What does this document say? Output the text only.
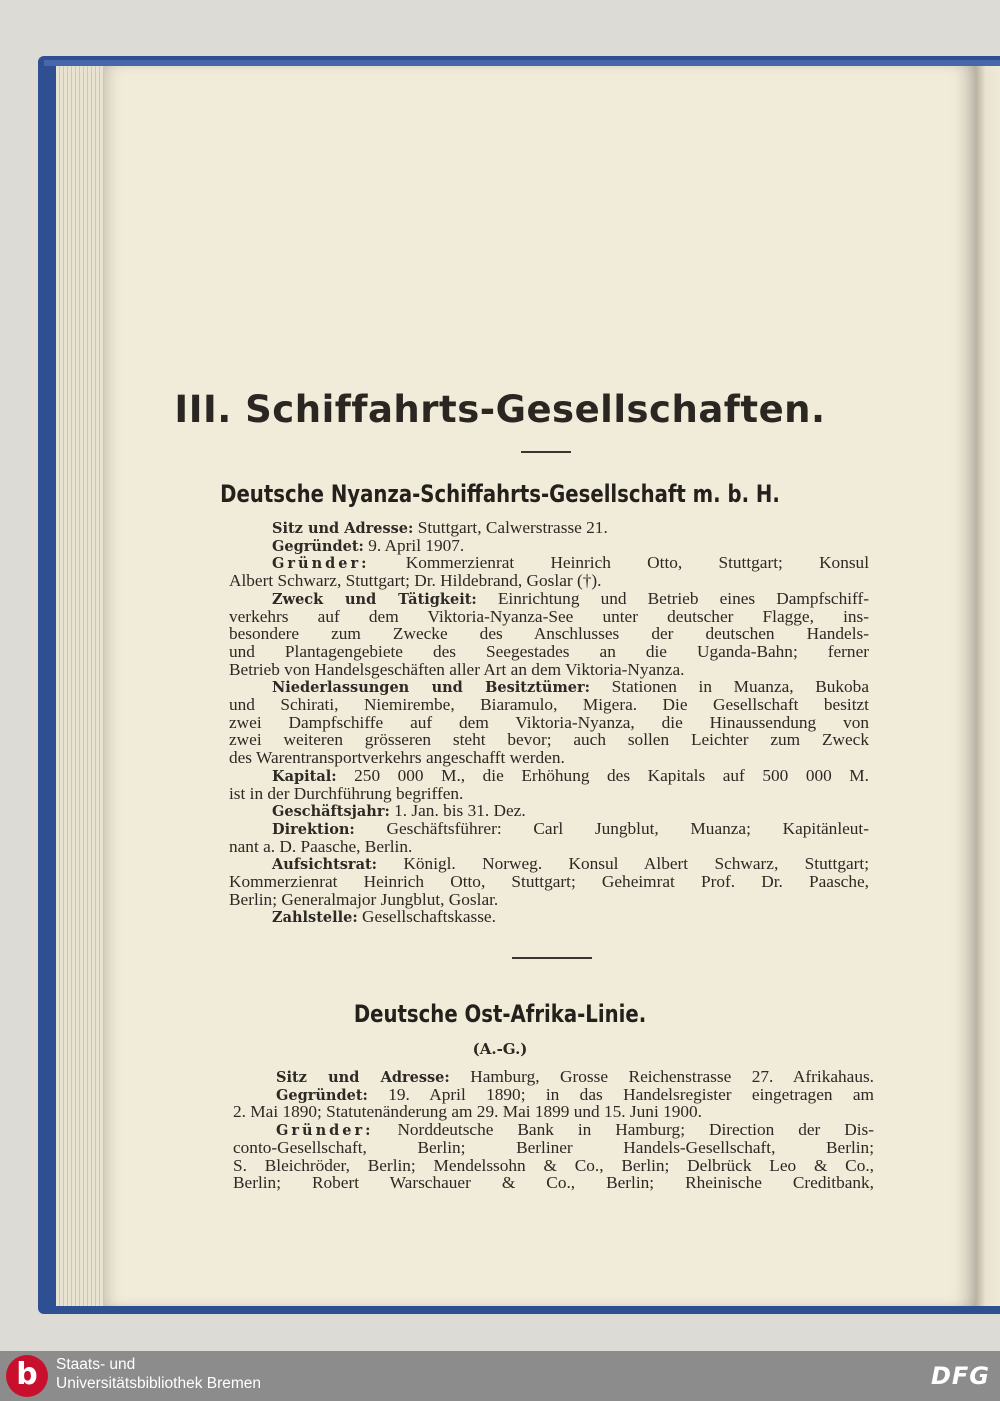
III. Schiffahrts-Gesellschaften.
Deutsche Nyanza-Schiffahrts-Gesellschaft m. b. H.
Sitz und Adresse: Stuttgart, Calwerstrasse 21.
Gegründet: 9. April 1907.
Gründer: Kommerzienrat Heinrich Otto, Stuttgart; Konsul
Albert Schwarz, Stuttgart; Dr. Hildebrand, Goslar (†).
Zweck und Tätigkeit: Einrichtung und Betrieb eines Dampfschiff-
verkehrs auf dem Viktoria-Nyanza-See unter deutscher Flagge, ins-
besondere zum Zwecke des Anschlusses der deutschen Handels-
und Plantagengebiete des Seegestades an die Uganda-Bahn; ferner
Betrieb von Handelsgeschäften aller Art an dem Viktoria-Nyanza.
Niederlassungen und Besitztümer: Stationen in Muanza, Bukoba
und Schirati, Niemirembe, Biaramulo, Migera. Die Gesellschaft besitzt
zwei Dampfschiffe auf dem Viktoria-Nyanza, die Hinaussendung von
zwei weiteren grösseren steht bevor; auch sollen Leichter zum Zweck
des Warentransportverkehrs angeschafft werden.
Kapital: 250 000 M., die Erhöhung des Kapitals auf 500 000 M.
ist in der Durchführung begriffen.
Geschäftsjahr: 1. Jan. bis 31. Dez.
Direktion: Geschäftsführer: Carl Jungblut, Muanza; Kapitänleut-
nant a. D. Paasche, Berlin.
Aufsichtsrat: Königl. Norweg. Konsul Albert Schwarz, Stuttgart;
Kommerzienrat Heinrich Otto, Stuttgart; Geheimrat Prof. Dr. Paasche,
Berlin; Generalmajor Jungblut, Goslar.
Zahlstelle: Gesellschaftskasse.
Deutsche Ost-Afrika-Linie.
(A.-G.)
Sitz und Adresse: Hamburg, Grosse Reichenstrasse 27. Afrikahaus.
Gegründet: 19. April 1890; in das Handelsregister eingetragen am
2. Mai 1890; Statutenänderung am 29. Mai 1899 und 15. Juni 1900.
Gründer: Norddeutsche Bank in Hamburg; Direction der Dis-
conto-Gesellschaft, Berlin; Berliner Handels-Gesellschaft, Berlin;
S. Bleichröder, Berlin; Mendelssohn & Co., Berlin; Delbrück Leo & Co.,
Berlin; Robert Warschauer & Co., Berlin; Rheinische Creditbank,
b	Staats- und
Universitätsbibliothek Bremen	DFG
